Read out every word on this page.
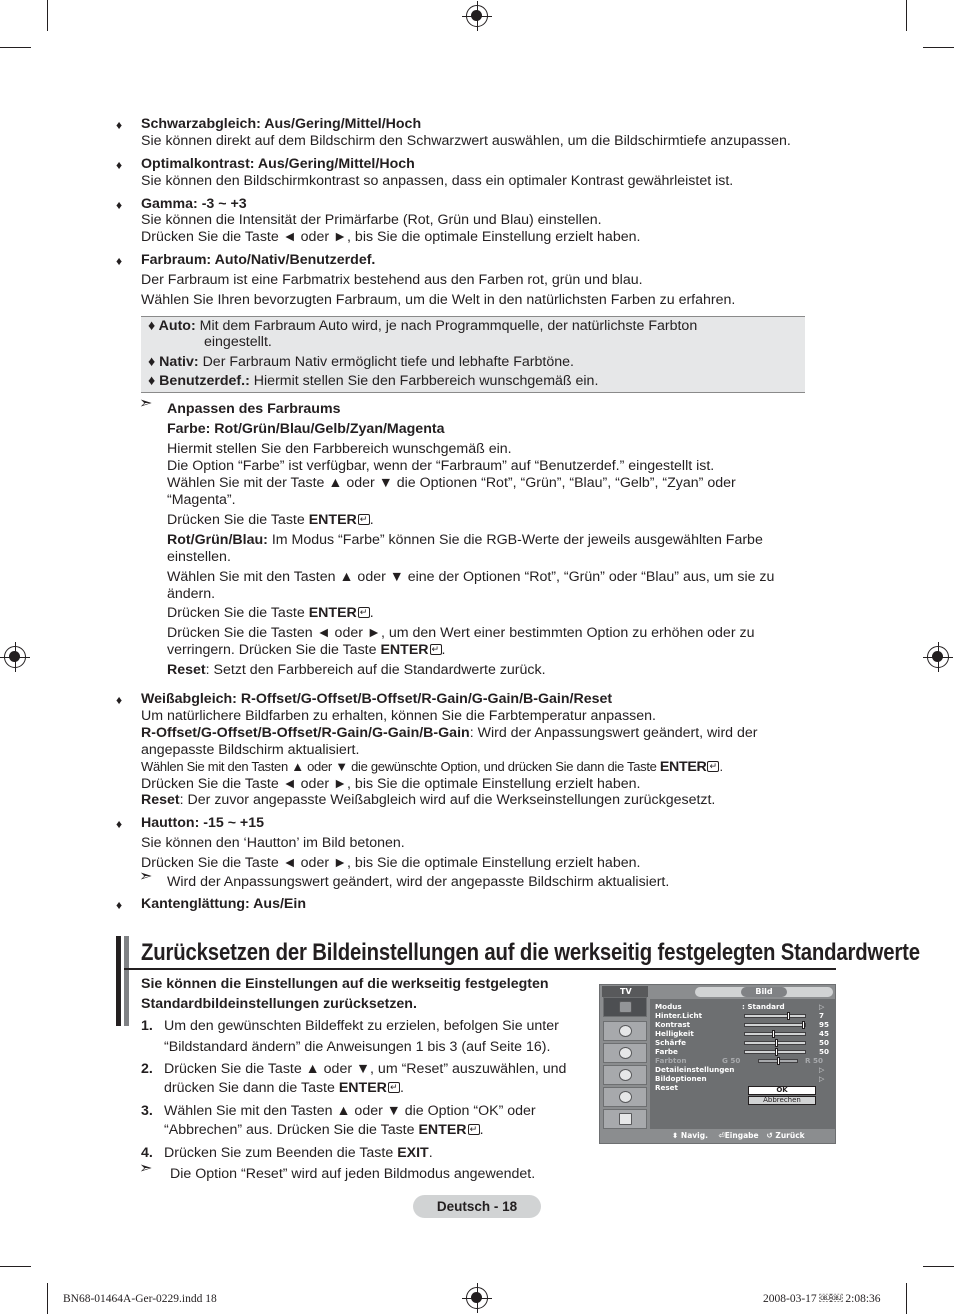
♦ Schwarzabgleich: Aus/Gering/Mittel/Hoch
Sie können direkt auf dem Bildschirm den Schwarzwert auswählen, um die Bildschirmtiefe anzupassen.
♦ Optimalkontrast: Aus/Gering/Mittel/Hoch
Sie können den Bildschirmkontrast so anpassen, dass ein optimaler Kontrast gewährleistet ist.
♦ Gamma: -3 ~ +3
Sie können die Intensität der Primärfarbe (Rot, Grün und Blau) einstellen.
Drücken Sie die Taste ◄ oder ►, bis Sie die optimale Einstellung erzielt haben.
♦ Farbraum: Auto/Nativ/Benutzerdef.
Der Farbraum ist eine Farbmatrix bestehend aus den Farben rot, grün und blau.
Wählen Sie Ihren bevorzugten Farbraum, um die Welt in den natürlichsten Farben zu erfahren.
♦ Auto: Mit dem Farbraum Auto wird, je nach Programmquelle, der natürlichste Farbton
eingestellt.
♦ Nativ: Der Farbraum Nativ ermöglicht tiefe und lebhafte Farbtöne.
♦ Benutzerdef.: Hiermit stellen Sie den Farbbereich wunschgemäß ein.
➣ Anpassen des Farbraums
Farbe: Rot/Grün/Blau/Gelb/Zyan/Magenta
Hiermit stellen Sie den Farbbereich wunschgemäß ein.
Die Option “Farbe” ist verfügbar, wenn der “Farbraum” auf “Benutzerdef.” eingestellt ist.
Wählen Sie mit der Taste ▲ oder ▼ die Optionen “Rot”, “Grün”, “Blau”, “Gelb”, “Zyan” oder
“Magenta”.
Drücken Sie die Taste ENTER ↵ .
Rot/Grün/Blau: Im Modus “Farbe” können Sie die RGB-Werte der jeweils ausgewählten Farbe
einstellen.
Wählen Sie mit den Tasten ▲ oder ▼ eine der Optionen “Rot”, “Grün” oder “Blau” aus, um sie zu
ändern.
Drücken Sie die Taste ENTER ↵ .
Drücken Sie die Tasten ◄ oder ►, um den Wert einer bestimmten Option zu erhöhen oder zu
verringern. Drücken Sie die Taste ENTER ↵ .
Reset: Setzt den Farbbereich auf die Standardwerte zurück.
♦ Weißabgleich: R-Offset/G-Offset/B-Offset/R-Gain/G-Gain/B-Gain/Reset
Um natürlichere Bildfarben zu erhalten, können Sie die Farbtemperatur anpassen.
R-Offset/G-Offset/B-Offset/R-Gain/G-Gain/B-Gain: Wird der Anpassungswert geändert, wird der
angepasste Bildschirm aktualisiert.
Wählen Sie mit den Tasten ▲ oder ▼ die gewünschte Option, und drücken Sie dann die Taste ENTER ↵ .
Drücken Sie die Taste ◄ oder ►, bis Sie die optimale Einstellung erzielt haben.
Reset: Der zuvor angepasste Weißabgleich wird auf die Werkseinstellungen zurückgesetzt.
♦ Hautton: -15 ~ +15
Sie können den ‘Hautton’ im Bild betonen.
Drücken Sie die Taste ◄ oder ►, bis Sie die optimale Einstellung erzielt haben.
➣ Wird der Anpassungswert geändert, wird der angepasste Bildschirm aktualisiert.
♦ Kantenglättung: Aus/Ein
Zurücksetzen der Bildeinstellungen auf die werkseitig festgelegten Standardwerte
Sie können die Einstellungen auf die werkseitig festgelegten
Standardbildeinstellungen zurücksetzen.
1. Um den gewünschten Bildeffekt zu erzielen, befolgen Sie unter
“Bildstandard ändern” die Anweisungen 1 bis 3 (auf Seite 16).
2. Drücken Sie die Taste ▲ oder ▼, um “Reset” auszuwählen, und
drücken Sie dann die Taste ENTER ↵ .
3. Wählen Sie mit den Tasten ▲ oder ▼ die Option “OK” oder
“Abbrechen” aus. Drücken Sie die Taste ENTER ↵ .
4. Drücken Sie zum Beenden die Taste EXIT.
➣ Die Option “Reset” wird auf jeden Bildmodus angewendet.
TV	Bild
Modus	: Standard	▷
Hinter.Licht	7
Kontrast	95
Helligkeit	45
Schärfe	50
Farbe	50
Farbton	G 50	R 50
Detaileinstellungen	▷
Bildoptionen	▷
Reset	OK
Abbrechen
⬍ Navig. ⏎Eingabe ↺ Zurück
Deutsch - 18
BN68-01464A-Ger-0229.indd 18	2008-03-17 ￼￼ 2:08:36
